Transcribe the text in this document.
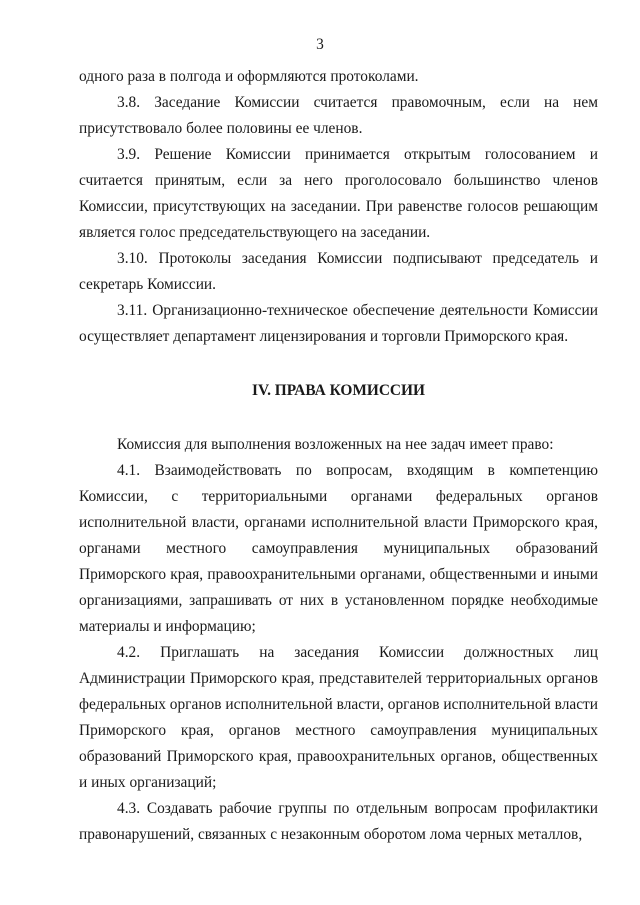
3

одного раза в полгода и оформляются протоколами.

3.8. Заседание Комиссии считается правомочным, если на нем присутствовало более половины ее членов.

3.9. Решение Комиссии принимается открытым голосованием и считается принятым, если за него проголосовало большинство членов Комиссии, присутствующих на заседании. При равенстве голосов решающим является голос председательствующего на заседании.

3.10. Протоколы заседания Комиссии подписывают председатель и секретарь Комиссии.

3.11. Организационно-техническое обеспечение деятельности Комиссии осуществляет департамент лицензирования и торговли Приморского края.

IV. ПРАВА КОМИССИИ

Комиссия для выполнения возложенных на нее задач имеет право:

4.1. Взаимодействовать по вопросам, входящим в компетенцию Комиссии, с территориальными органами федеральных органов исполнительной власти, органами исполнительной власти Приморского края, органами местного самоуправления муниципальных образований Приморского края, правоохранительными органами, общественными и иными организациями, запрашивать от них в установленном порядке необходимые материалы и информацию;

4.2. Приглашать на заседания Комиссии должностных лиц Администрации Приморского края, представителей территориальных органов федеральных органов исполнительной власти, органов исполнительной власти Приморского края, органов местного самоуправления муниципальных образований Приморского края, правоохранительных органов, общественных и иных организаций;

4.3. Создавать рабочие группы по отдельным вопросам профилактики правонарушений, связанных с незаконным оборотом лома черных металлов,
